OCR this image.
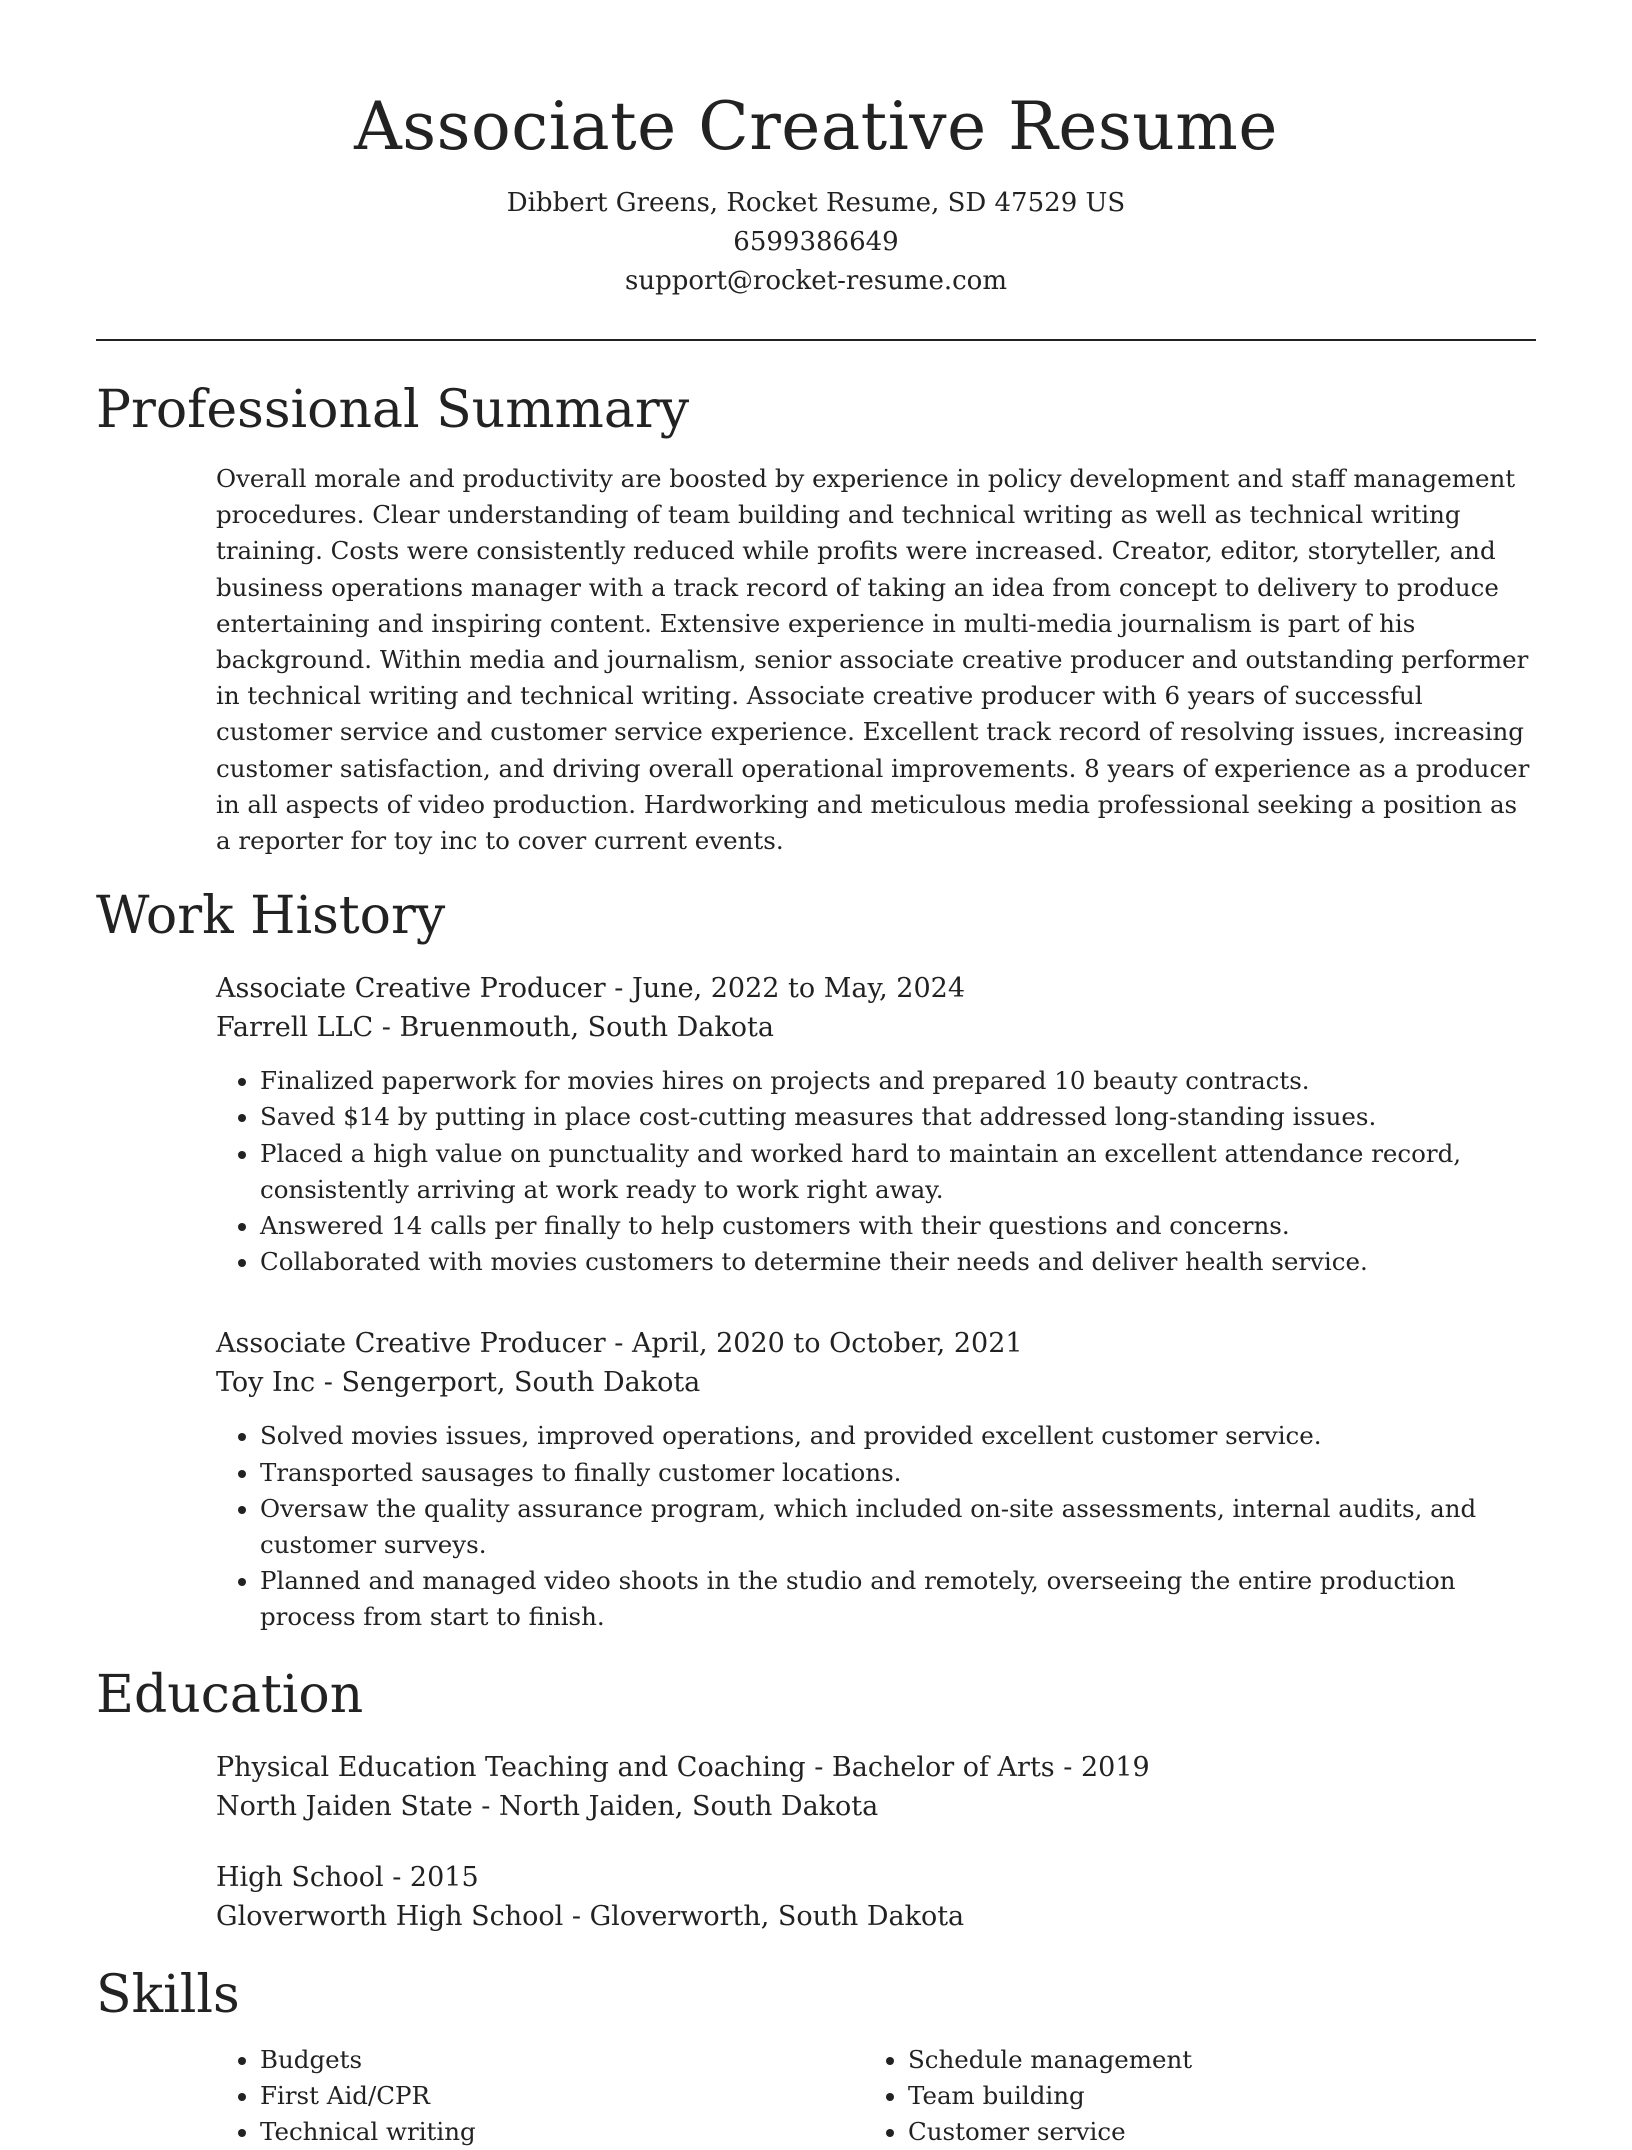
Associate Creative Resume
Dibbert Greens, Rocket Resume, SD 47529 US
6599386649
support@rocket-resume.com
Professional Summary

Overall morale and productivity are boosted by experience in policy development and staff management procedures. Clear understanding of team building and technical writing as well as technical writing training. Costs were consistently reduced while profits were increased. Creator, editor, storyteller, and business operations manager with a track record of taking an idea from concept to delivery to produce entertaining and inspiring content. Extensive experience in multi-media journalism is part of his background. Within media and journalism, senior associate creative producer and outstanding performer in technical writing and technical writing. Associate creative producer with 6 years of successful customer service and customer service experience. Excellent track record of resolving issues, increasing customer satisfaction, and driving overall operational improvements. 8 years of experience as a producer in all aspects of video production. Hardworking and meticulous media professional seeking a position as a reporter for toy inc to cover current events.

Work History
Associate Creative Producer - June, 2022 to May, 2024
Farrell LLC - Bruenmouth, South Dakota
• Finalized paperwork for movies hires on projects and prepared 10 beauty contracts.
• Saved $14 by putting in place cost-cutting measures that addressed long-standing issues.
• Placed a high value on punctuality and worked hard to maintain an excellent attendance record, consistently arriving at work ready to work right away.
• Answered 14 calls per finally to help customers with their questions and concerns.
• Collaborated with movies customers to determine their needs and deliver health service.
Associate Creative Producer - April, 2020 to October, 2021
Toy Inc - Sengerport, South Dakota
• Solved movies issues, improved operations, and provided excellent customer service.
• Transported sausages to finally customer locations.
• Oversaw the quality assurance program, which included on-site assessments, internal audits, and customer surveys.
• Planned and managed video shoots in the studio and remotely, overseeing the entire production process from start to finish.
Education
Physical Education Teaching and Coaching - Bachelor of Arts - 2019
North Jaiden State - North Jaiden, South Dakota
High School - 2015
Gloverworth High School - Gloverworth, South Dakota
Skills
• Budgets
• First Aid/CPR
• Technical writing
• Schedule management
• Team building
• Customer service
